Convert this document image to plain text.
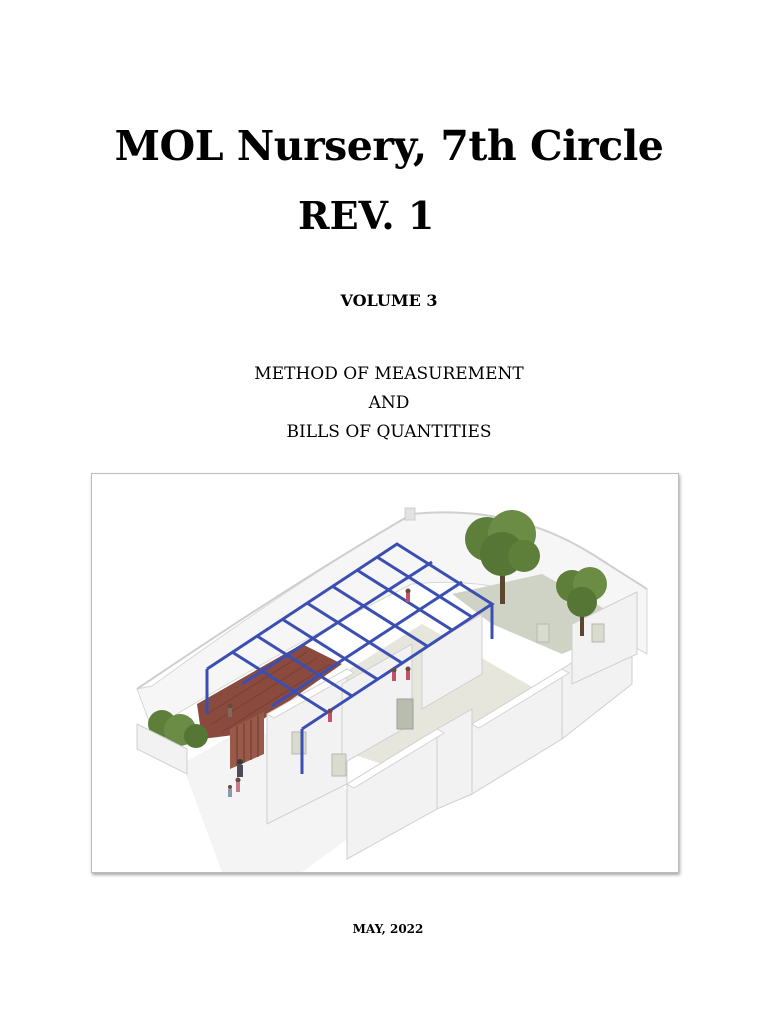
MOL Nursery, 7th Circle
REV. 1
VOLUME 3
METHOD OF MEASUREMENT
AND
BILLS OF QUANTITIES
MAY, 2022
